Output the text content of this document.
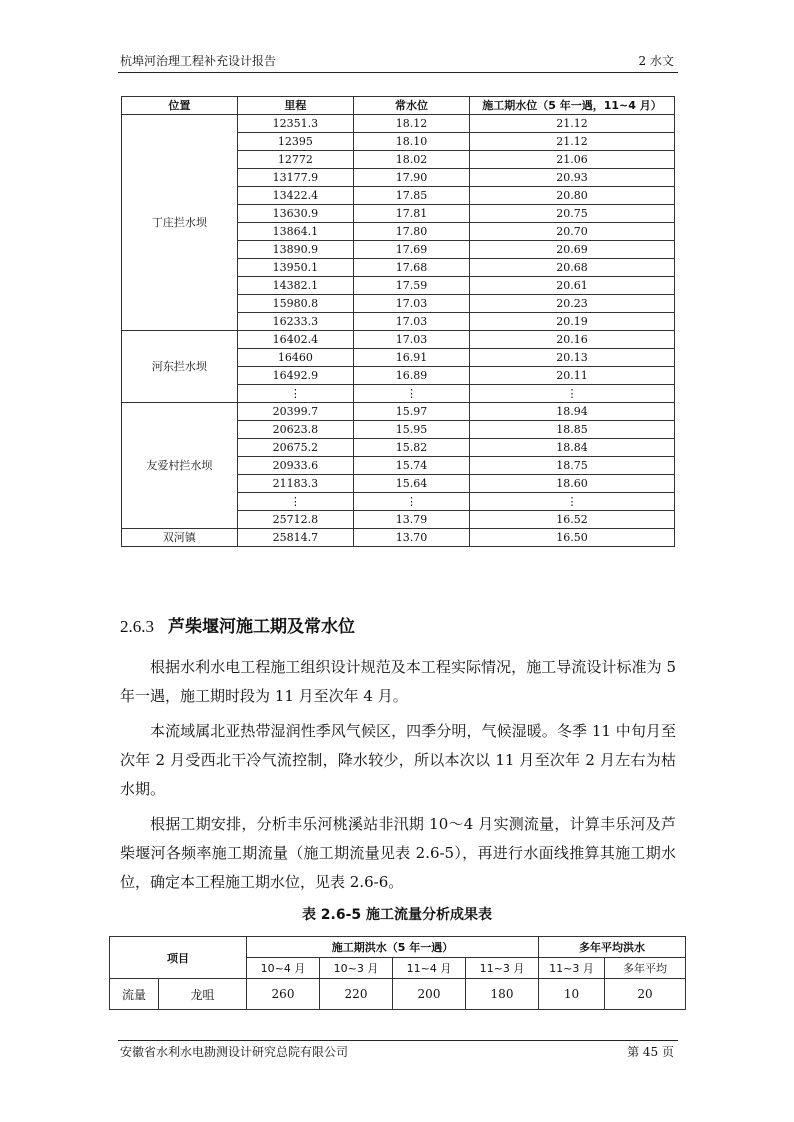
杭埠河治理工程补充设计报告	2 水文
位置	里程	常水位	施工期水位（5 年一遇，11~4 月）
丁庄拦水坝	12351.3	18.12	21.12
	12395	18.10	21.12
	12772	18.02	21.06
	13177.9	17.90	20.93
	13422.4	17.85	20.80
	13630.9	17.81	20.75
	13864.1	17.80	20.70
	13890.9	17.69	20.69
	13950.1	17.68	20.68
	14382.1	17.59	20.61
	15980.8	17.03	20.23
	16233.3	17.03	20.19
河东拦水坝	16402.4	17.03	20.16
	16460	16.91	20.13
	16492.9	16.89	20.11
	⋮	⋮	⋮
友爱村拦水坝	20399.7	15.97	18.94
	20623.8	15.95	18.85
	20675.2	15.82	18.84
	20933.6	15.74	18.75
	21183.3	15.64	18.60
	⋮	⋮	⋮
	25712.8	13.79	16.52
双河镇	25814.7	13.70	16.50
2.6.3 芦柴堰河施工期及常水位

根据水利水电工程施工组织设计规范及本工程实际情况，施工导流设计标准为 5 年一遇，施工期时段为 11 月至次年 4 月。

本流域属北亚热带湿润性季风气候区，四季分明，气候湿暖。冬季 11 中旬月至次年 2 月受西北干冷气流控制，降水较少，所以本次以 11 月至次年 2 月左右为枯水期。

根据工期安排，分析丰乐河桃溪站非汛期 10～4 月实测流量，计算丰乐河及芦柴堰河各频率施工期流量（施工期流量见表 2.6-5），再进行水面线推算其施工期水位，确定本工程施工期水位，见表 2.6-6。

表 2.6-5 施工流量分析成果表
项目		施工期洪水（5 年一遇）				多年平均洪水	
		10~4 月	10~3 月	11~4 月	11~3 月	11~3 月	多年平均
流量	龙咀	260	220	200	180	10	20
安徽省水利水电勘测设计研究总院有限公司	第 45 页
